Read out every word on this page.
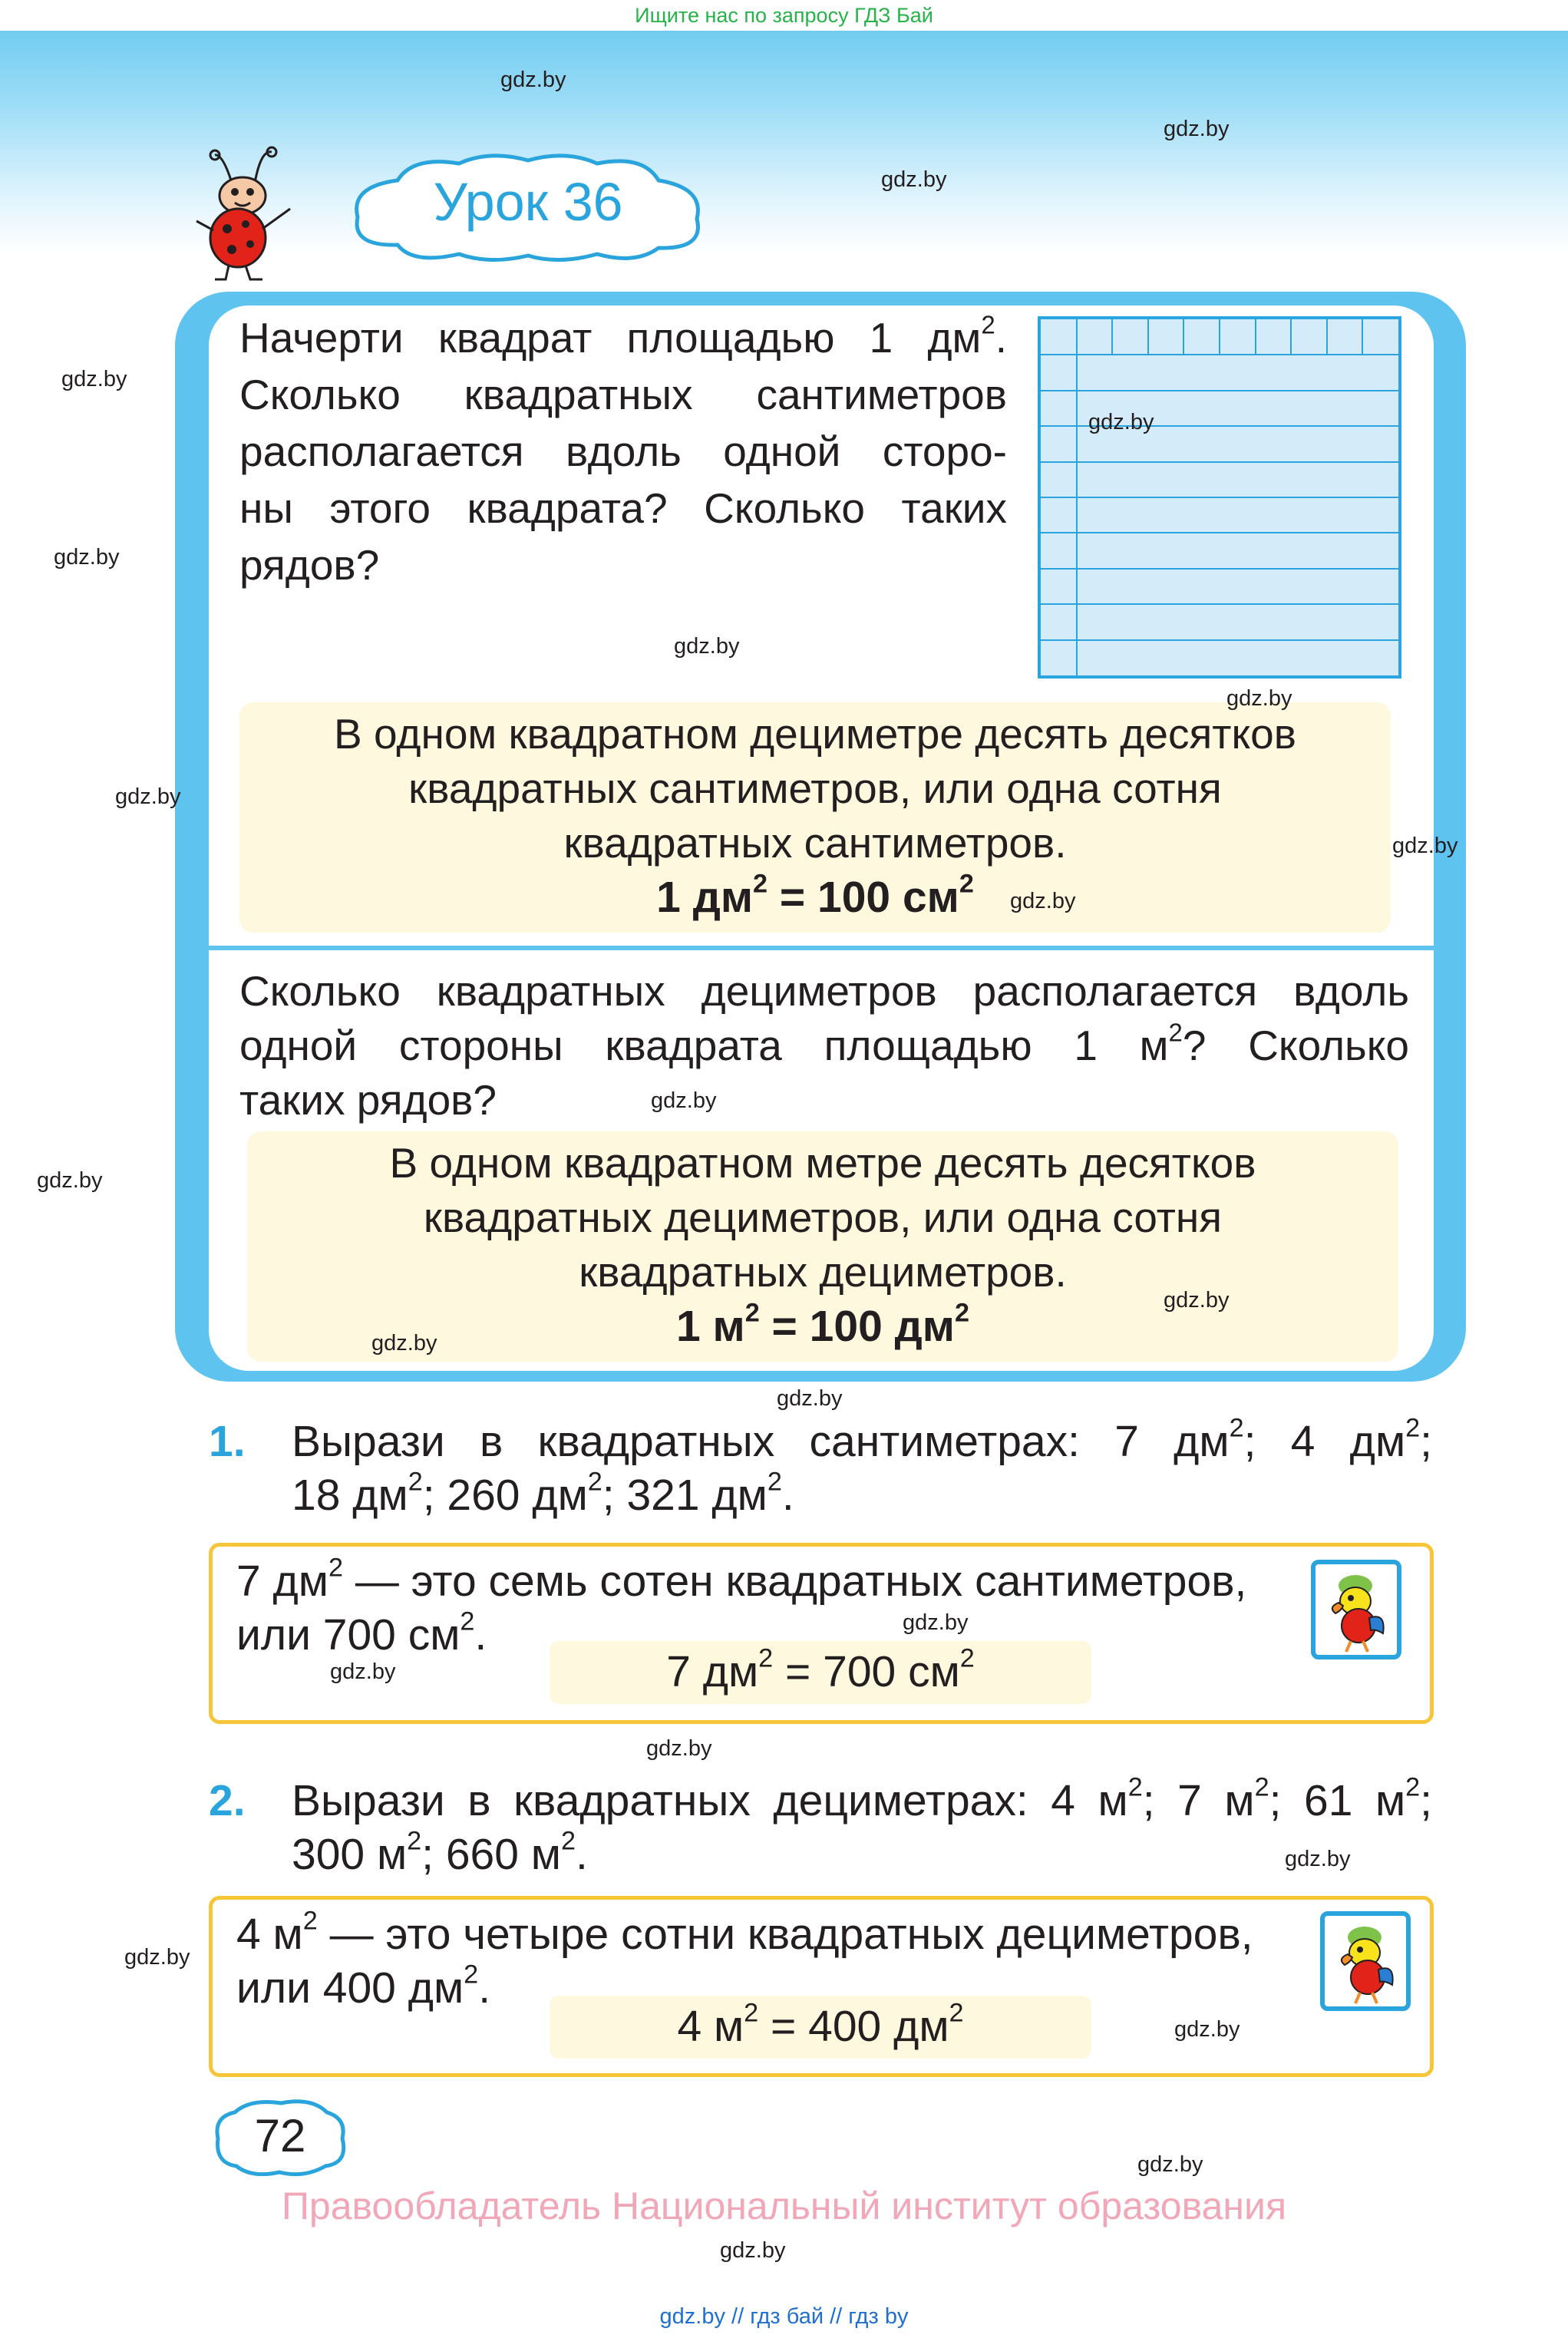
Ищите нас по запросу ГДЗ Бай
Урок 36
Начерти квадрат площадью 1 $дм^2$.
Сколько квадратных сантиметров
располагается вдоль одной сторо-
ны этого квадрата? Сколько таких
рядов?
В одном квадратном дециметре десять десятков
квадратных сантиметров, или одна сотня
квадратных сантиметров.
1 $дм^2 = 100$ $см^2$
Сколько квадратных дециметров располагается вдоль
одной стороны квадрата площадью 1 $м^2$? Сколько
таких рядов?
В одном квадратном метре десять десятков
квадратных дециметров, или одна сотня
квадратных дециметров.
1 $м^2 = 100$ $дм^2$
1. Вырази в квадратных сантиметрах: 7 $дм^2$; 4 $дм^2$;
18 $дм^2$; 260 $дм^2$; 321 $дм^2$.
7 $дм^2$ — это семь сотен квадратных сантиметров,
или 700 $см^2$.
7 $дм^2 = 700$ $см^2$
2. Вырази в квадратных дециметрах: 4 $м^2$; 7 $м^2$; 61 $м^2$;
300 $м^2$; 660 $м^2$.
4 $м^2$ — это четыре сотни квадратных дециметров,
или 400 $дм^2$.
4 $м^2 = 400$ $дм^2$
72
Правообладатель Национальный институт образования
gdz.by // гдз бай // гдз by
gdz.by
gdz.by
gdz.by
gdz.by
gdz.by
gdz.by
gdz.by
gdz.by
gdz.by
gdz.by
gdz.by
gdz.by
gdz.by
gdz.by
gdz.by
gdz.by
gdz.by
gdz.by
gdz.by
gdz.by
gdz.by
gdz.by
gdz.by
gdz.by
